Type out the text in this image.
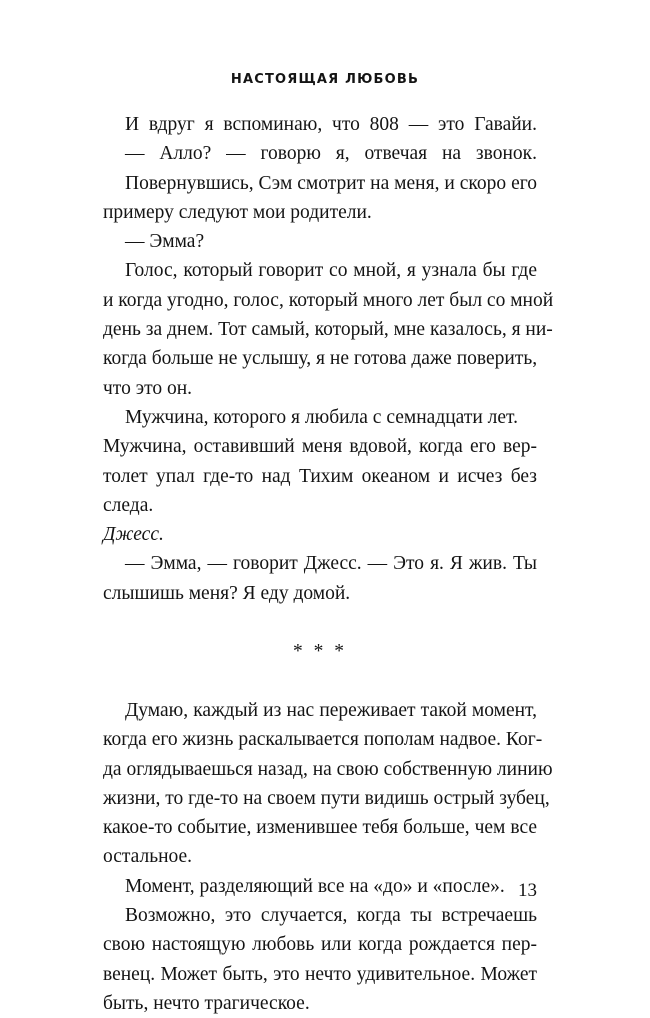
НАСТОЯЩАЯ ЛЮБОВЬ
И вдруг я вспоминаю, что 808 — это Гавайи.
— Алло? — говорю я, отвечая на звонок.
Повернувшись, Сэм смотрит на меня, и скоро его
примеру следуют мои родители.
— Эмма?
Голос, который говорит со мной, я узнала бы где
и когда угодно, голос, который много лет был со мной
день за днем. Тот самый, который, мне казалось, я ни-
когда больше не услышу, я не готова даже поверить,
что это он.
Мужчина, которого я любила с семнадцати лет.
Мужчина, оставивший меня вдовой, когда его вер-
толет упал где-то над Тихим океаном и исчез без
следа.
Джесс.
— Эмма, — говорит Джесс. — Это я. Я жив. Ты
слышишь меня? Я еду домой.
* * *
Думаю, каждый из нас переживает такой момент,
когда его жизнь раскалывается пополам надвое. Ког-
да оглядываешься назад, на свою собственную линию
жизни, то где-то на своем пути видишь острый зубец,
какое-то событие, изменившее тебя больше, чем все
остальное.
Момент, разделяющий все на «до» и «после».
Возможно, это случается, когда ты встречаешь
свою настоящую любовь или когда рождается пер-
венец. Может быть, это нечто удивительное. Может
быть, нечто трагическое.
13
